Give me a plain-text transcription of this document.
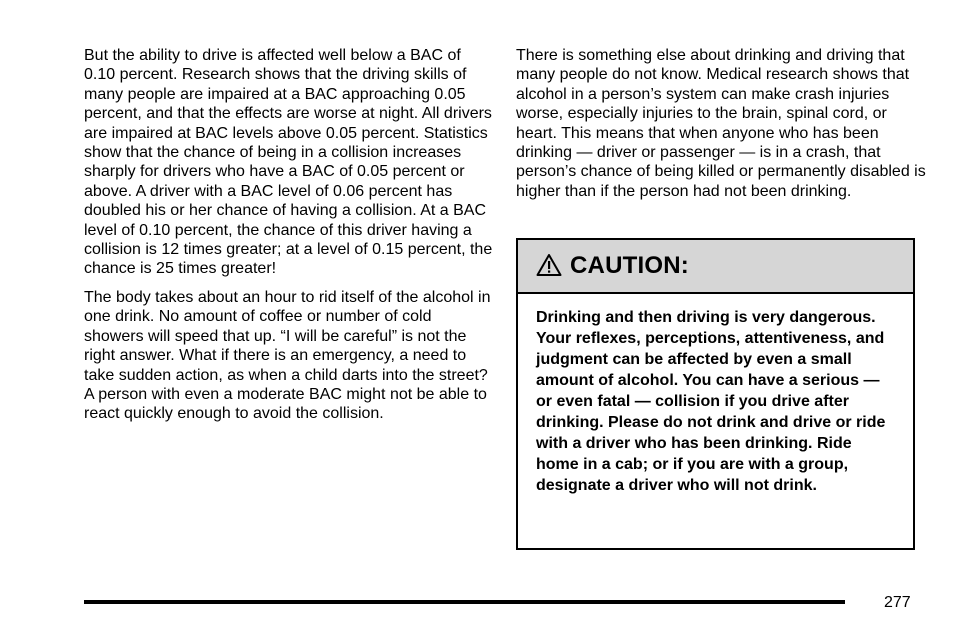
But the ability to drive is affected well below a BAC of 0.10 percent. Research shows that the driving skills of many people are impaired at a BAC approaching 0.05 percent, and that the effects are worse at night. All drivers are impaired at BAC levels above 0.05 percent. Statistics show that the chance of being in a collision increases sharply for drivers who have a BAC of 0.05 percent or above. A driver with a BAC level of 0.06 percent has doubled his or her chance of having a collision. At a BAC level of 0.10 percent, the chance of this driver having a collision is 12 times greater; at a level of 0.15 percent, the chance is 25 times greater!

The body takes about an hour to rid itself of the alcohol in one drink. No amount of coffee or number of cold showers will speed that up. “I will be careful” is not the right answer. What if there is an emergency, a need to take sudden action, as when a child darts into the street? A person with even a moderate BAC might not be able to react quickly enough to avoid the collision.

There is something else about drinking and driving that many people do not know. Medical research shows that alcohol in a person’s system can make crash injuries worse, especially injuries to the brain, spinal cord, or heart. This means that when anyone who has been drinking — driver or passenger — is in a crash, that person’s chance of being killed or permanently disabled is higher than if the person had not been drinking.

CAUTION:
Drinking and then driving is very dangerous. Your reflexes, perceptions, attentiveness, and judgment can be affected by even a small amount of alcohol. You can have a serious — or even fatal — collision if you drive after drinking. Please do not drink and drive or ride with a driver who has been drinking. Ride home in a cab; or if you are with a group, designate a driver who will not drink.
277
